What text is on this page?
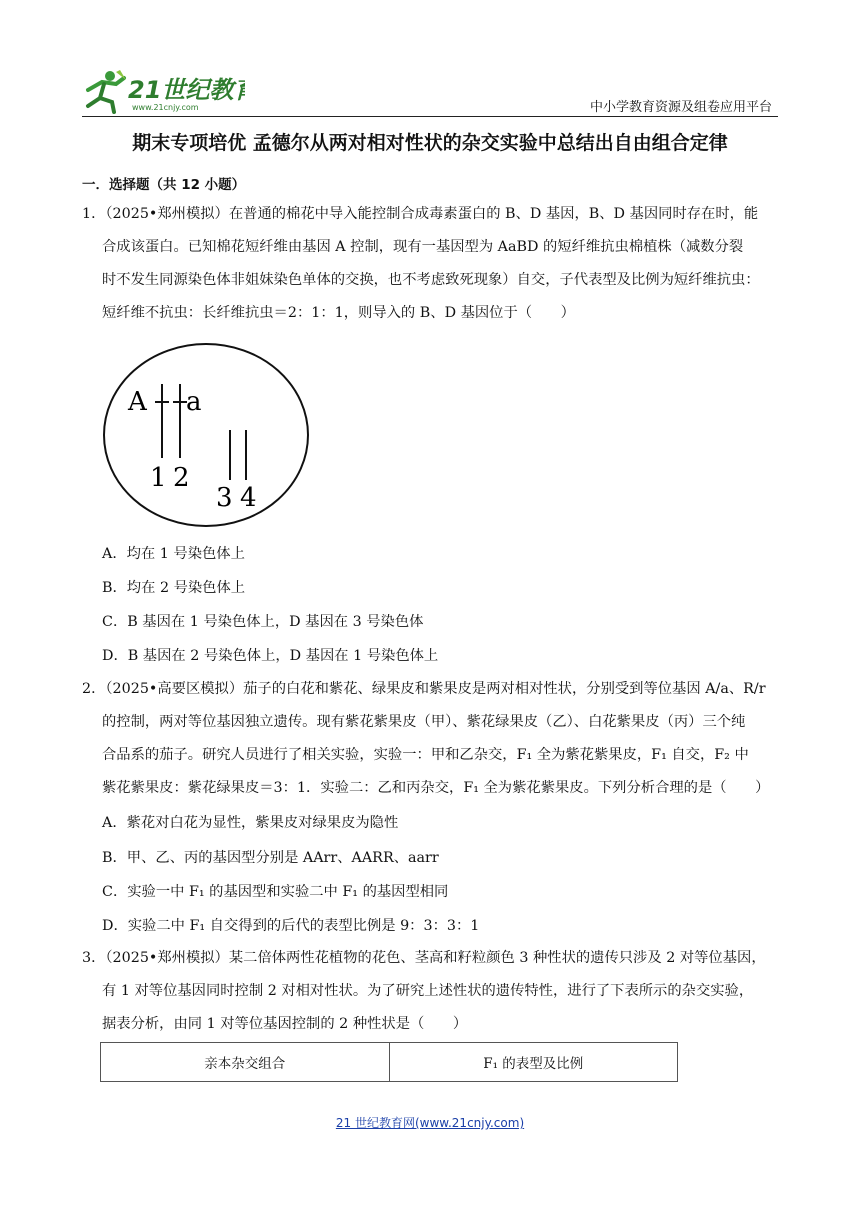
21世纪教育
www.21cnjy.com	中小学教育资源及组卷应用平台
期末专项培优 孟德尔从两对相对性状的杂交实验中总结出自由组合定律
一．选择题（共 12 小题）
1．（2025•郑州模拟）在普通的棉花中导入能控制合成毒素蛋白的 B、D 基因，B、D 基因同时存在时，能
合成该蛋白。已知棉花短纤维由基因 A 控制，现有一基因型为 AaBD 的短纤维抗虫棉植株（减数分裂
时不发生同源染色体非姐妹染色单体的交换，也不考虑致死现象）自交，子代表型及比例为短纤维抗虫：
短纤维不抗虫：长纤维抗虫＝2：1：1，则导入的 B、D 基因位于（　　）
A a
1 2
3 4
A．均在 1 号染色体上
B．均在 2 号染色体上
C．B 基因在 1 号染色体上，D 基因在 3 号染色体
D．B 基因在 2 号染色体上，D 基因在 1 号染色体上
2．（2025•高要区模拟）茄子的白花和紫花、绿果皮和紫果皮是两对相对性状，分别受到等位基因 A/a、R/r
的控制，两对等位基因独立遗传。现有紫花紫果皮（甲）、紫花绿果皮（乙）、白花紫果皮（丙）三个纯
合品系的茄子。研究人员进行了相关实验，实验一：甲和乙杂交，F₁ 全为紫花紫果皮，F₁ 自交，F₂ 中
紫花紫果皮：紫花绿果皮＝3：1．实验二：乙和丙杂交，F₁ 全为紫花紫果皮。下列分析合理的是（　　）
A．紫花对白花为显性，紫果皮对绿果皮为隐性
B．甲、乙、丙的基因型分别是 AArr、AARR、aarr
C．实验一中 F₁ 的基因型和实验二中 F₁ 的基因型相同
D．实验二中 F₁ 自交得到的后代的表型比例是 9：3：3：1
3．（2025•郑州模拟）某二倍体两性花植物的花色、茎高和籽粒颜色 3 种性状的遗传只涉及 2 对等位基因，
有 1 对等位基因同时控制 2 对相对性状。为了研究上述性状的遗传特性，进行了下表所示的杂交实验，
据表分析，由同 1 对等位基因控制的 2 种性状是（　　）
亲本杂交组合	F₁ 的表型及比例
21 世纪教育网(www.21cnjy.com)
